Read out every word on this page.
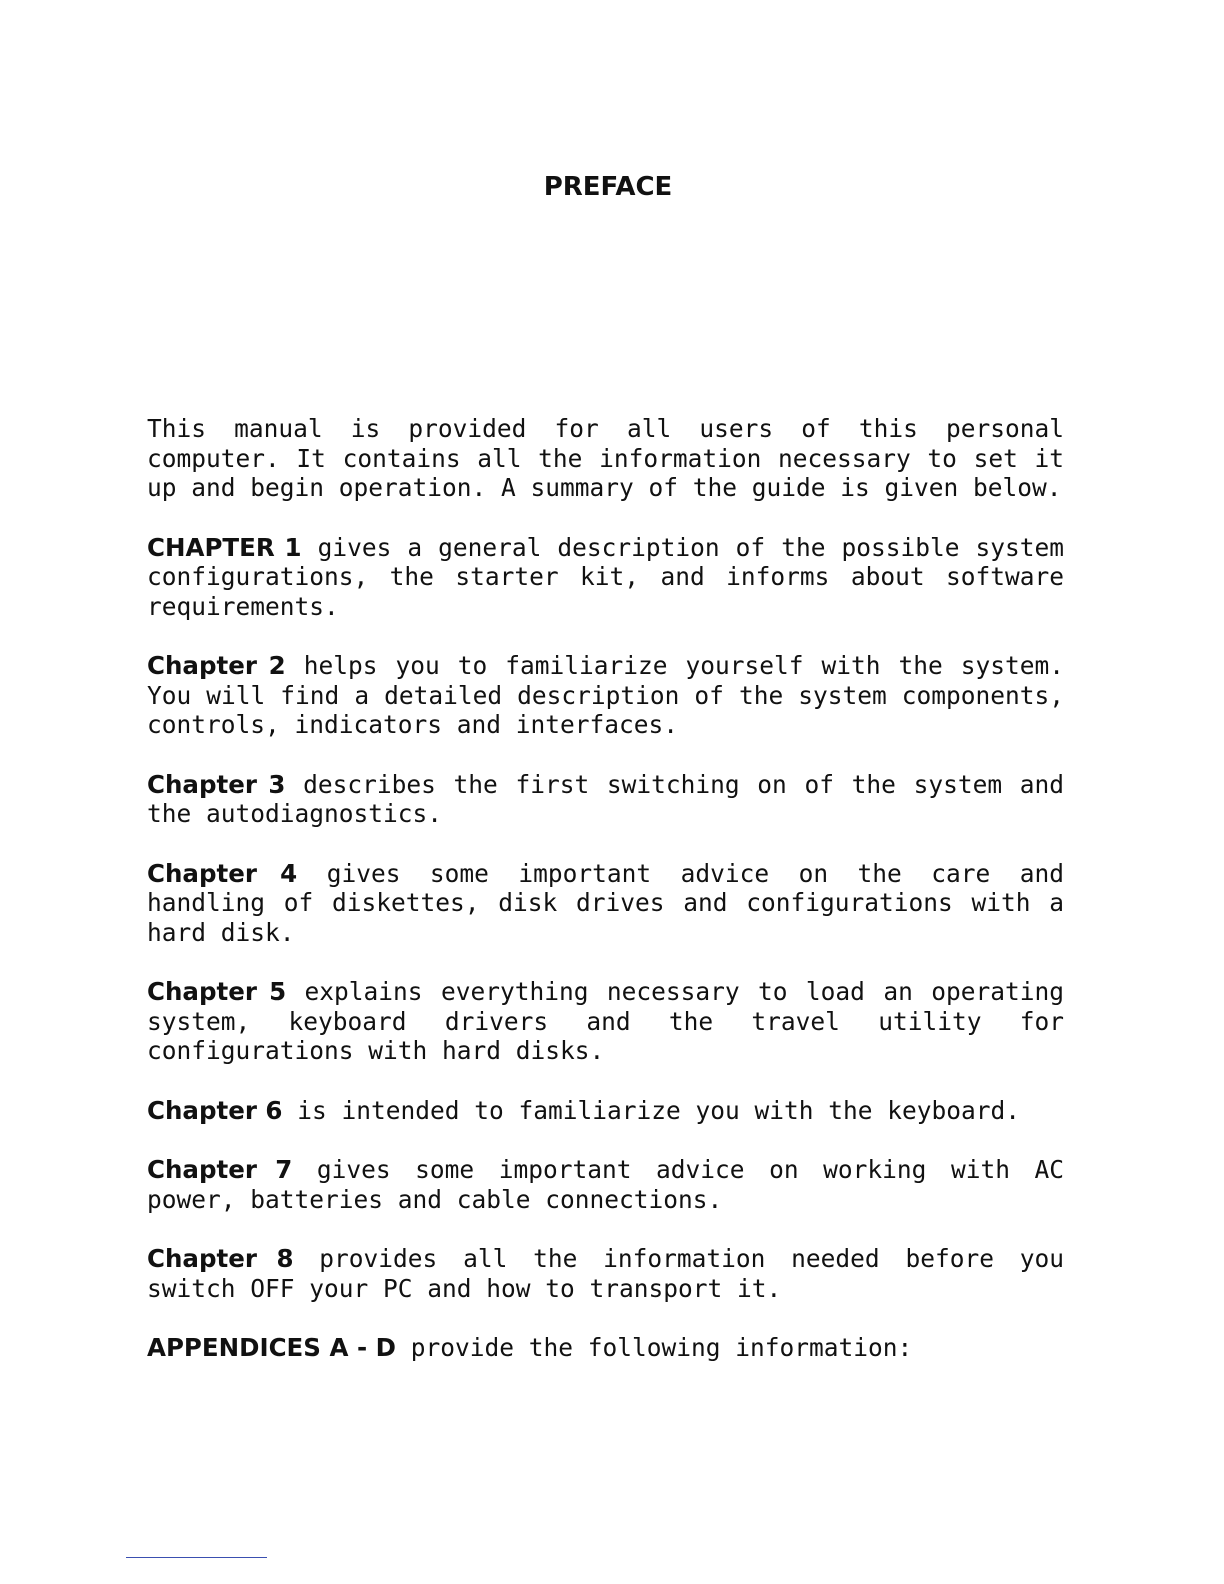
PREFACE

This manual is provided for all users of this personal computer. It contains all the information necessary to set it up and begin operation. A summary of the guide is given below.

CHAPTER 1 gives a general description of the possible system configurations, the starter kit, and informs about software requirements.

Chapter 2 helps you to familiarize yourself with the system. You will find a detailed description of the system components, controls, indicators and interfaces.

Chapter 3 describes the first switching on of the system and the autodiagnostics.

Chapter 4 gives some important advice on the care and handling of diskettes, disk drives and configurations with a hard disk.

Chapter 5 explains everything necessary to load an operating system, keyboard drivers and the travel utility for configurations with hard disks.

Chapter 6 is intended to familiarize you with the keyboard.

Chapter 7 gives some important advice on working with AC power, batteries and cable connections.

Chapter 8 provides all the information needed before you switch OFF your PC and how to transport it.

APPENDICES A - D provide the following information:
